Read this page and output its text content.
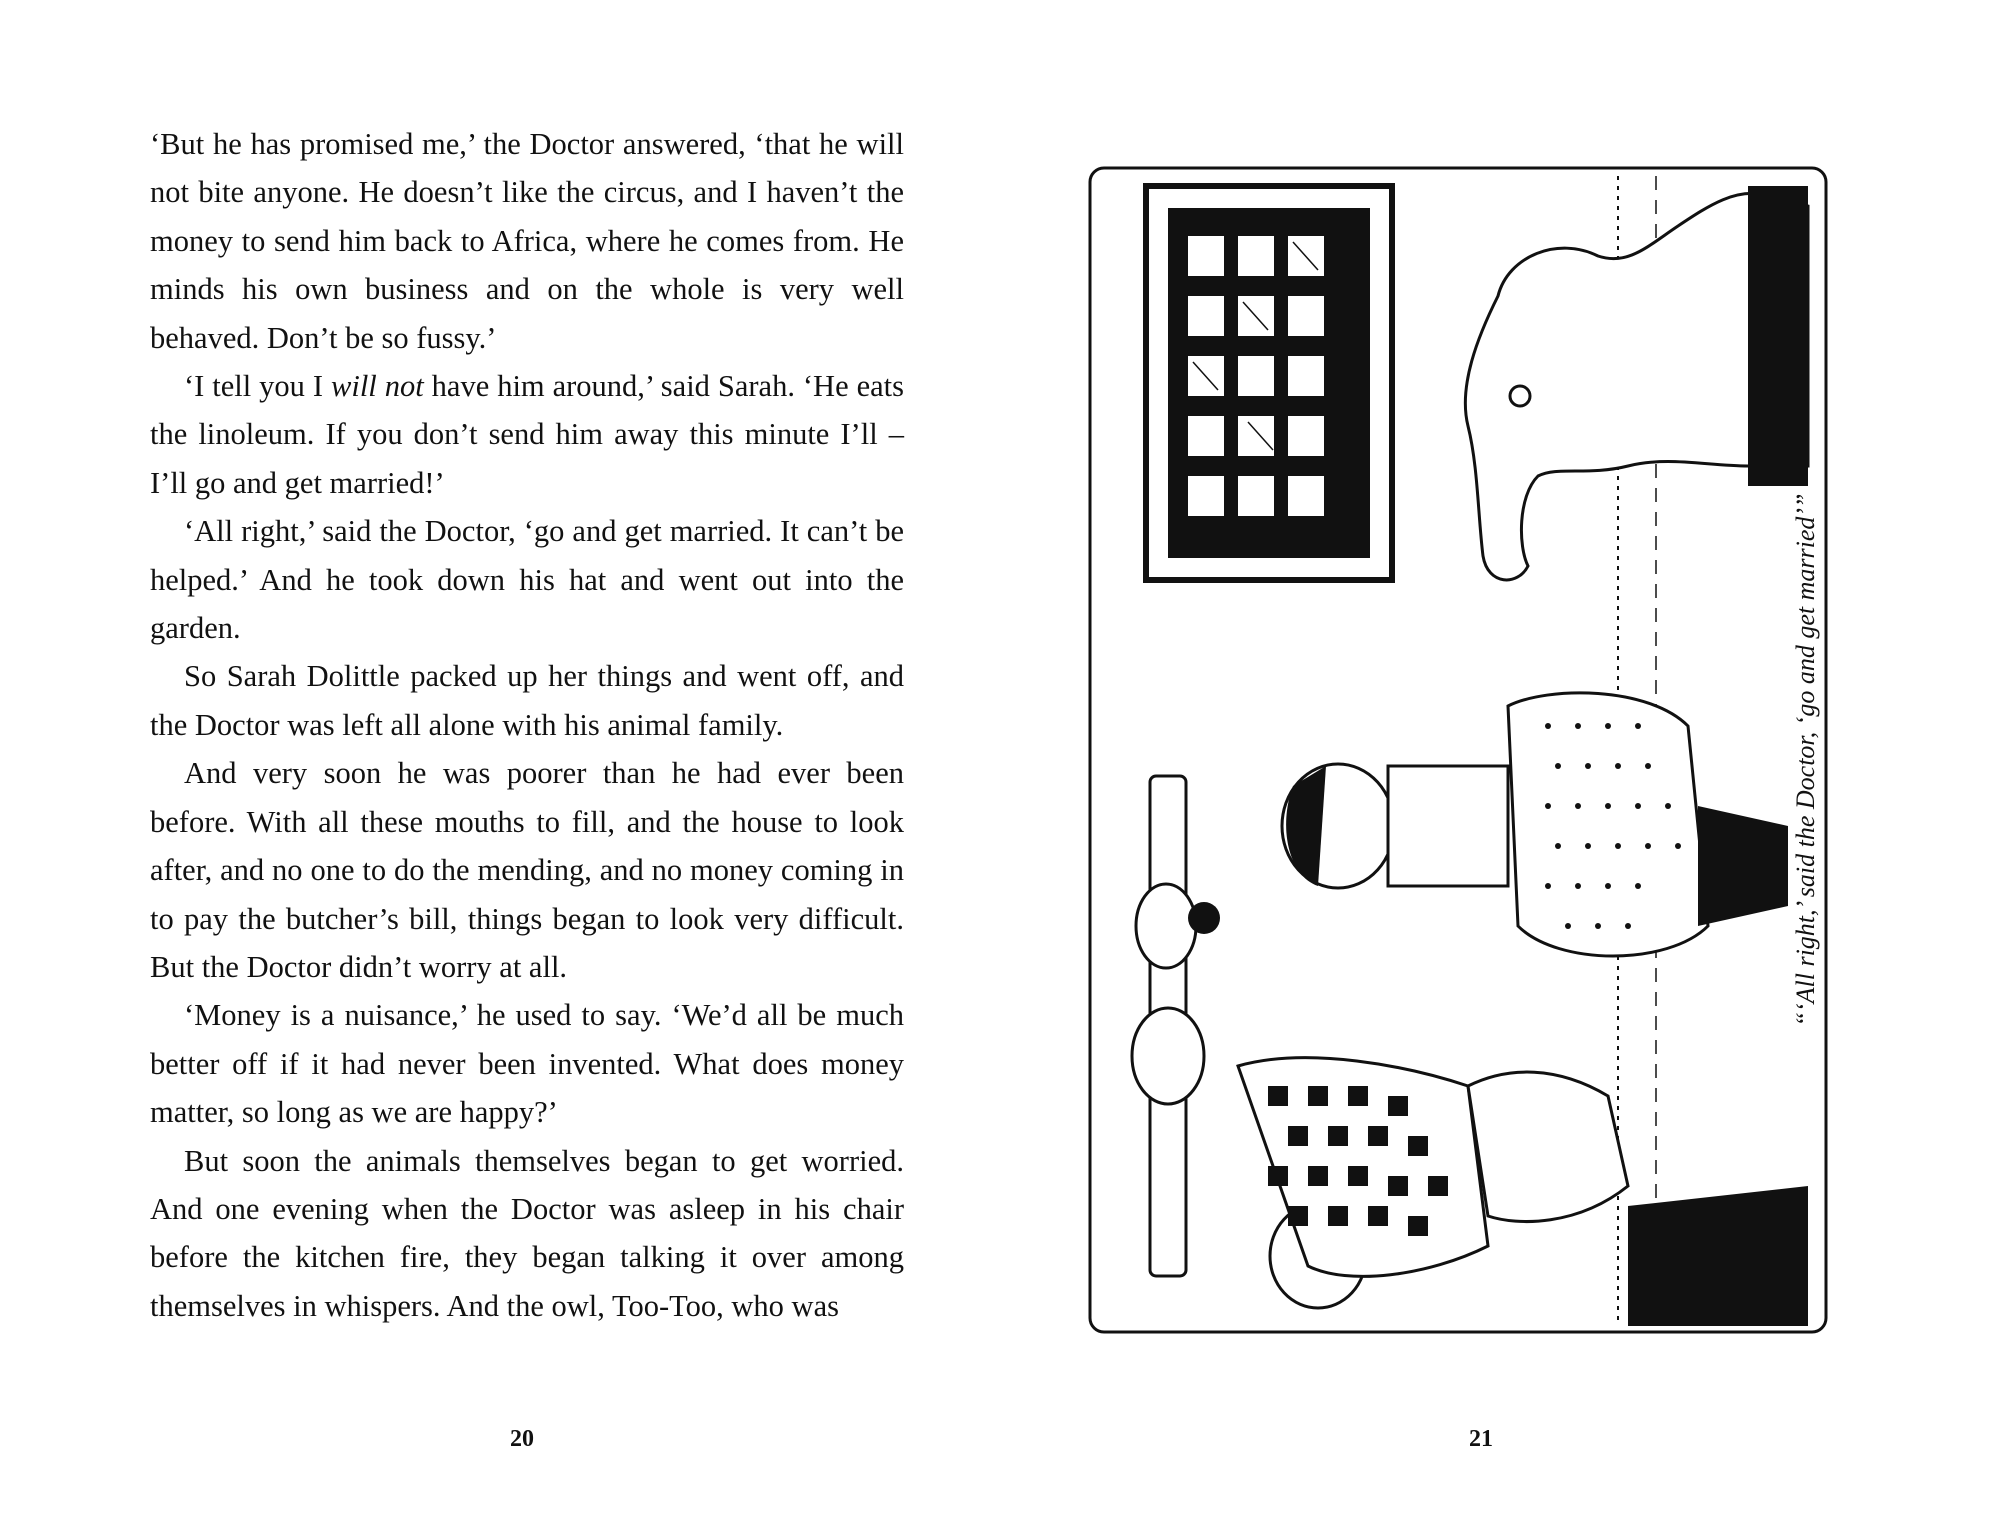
‘But he has promised me,’ the Doctor answered, ‘that he will not bite anyone. He doesn’t like the circus, and I haven’t the money to send him back to Africa, where he comes from. He minds his own business and on the whole is very well behaved. Don’t be so fussy.’

‘I tell you I will not have him around,’ said Sarah. ‘He eats the linoleum. If you don’t send him away this minute I’ll – I’ll go and get married!’

‘All right,’ said the Doctor, ‘go and get married. It can’t be helped.’ And he took down his hat and went out into the garden.

So Sarah Dolittle packed up her things and went off, and the Doctor was left all alone with his animal family.

And very soon he was poorer than he had ever been before. With all these mouths to fill, and the house to look after, and no one to do the mending, and no money coming in to pay the butcher’s bill, things began to look very difficult. But the Doctor didn’t worry at all.

‘Money is a nuisance,’ he used to say. ‘We’d all be much better off if it had never been invented. What does money matter, so long as we are happy?’

But soon the animals themselves began to get worried. And one evening when the Doctor was asleep in his chair before the kitchen fire, they began talking it over among themselves in whispers. And the owl, Too-Too, who was

20
“‘All right,’ said the Doctor, ‘go and get married’”
21
